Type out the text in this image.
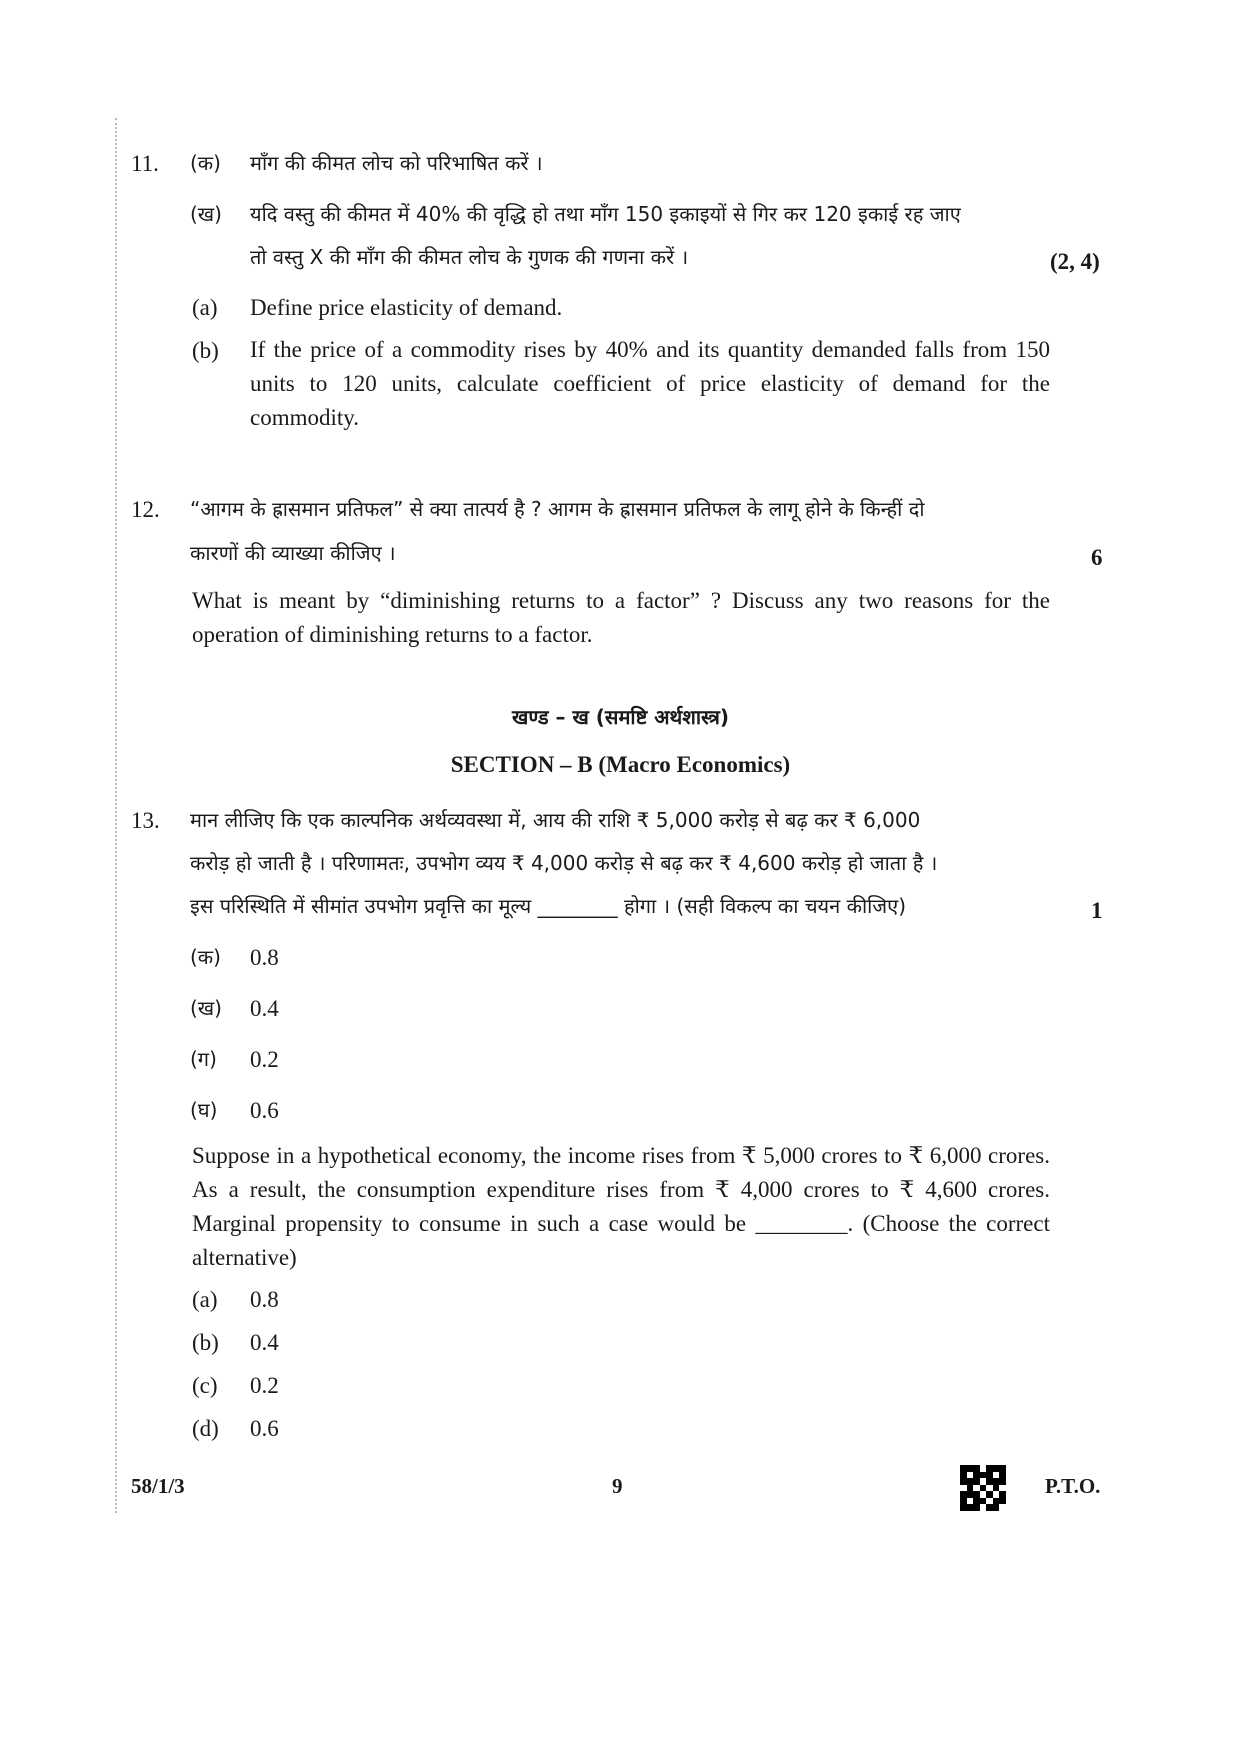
11. (क) माँग की कीमत लोच को परिभाषित करें ।
(ख) यदि वस्तु की कीमत में 40% की वृद्धि हो तथा माँग 150 इकाइयों से गिर कर 120 इकाई रह जाए
तो वस्तु X की माँग की कीमत लोच के गुणक की गणना करें ।	(2, 4)
(a) Define price elasticity of demand.
(b) If the price of a commodity rises by 40% and its quantity demanded falls from 150 units to 120 units, calculate coefficient of price elasticity of demand for the commodity.
12. “आगम के ह्रासमान प्रतिफल” से क्या तात्पर्य है ? आगम के ह्रासमान प्रतिफल के लागू होने के किन्हीं दो
कारणों की व्याख्या कीजिए ।	6
What is meant by “diminishing returns to a factor” ? Discuss any two reasons for the operation of diminishing returns to a factor.
खण्ड – ख (समष्टि अर्थशास्त्र)
SECTION – B (Macro Economics)
13. मान लीजिए कि एक काल्पनिक अर्थव्यवस्था में, आय की राशि ₹ 5,000 करोड़ से बढ़ कर ₹ 6,000
करोड़ हो जाती है । परिणामतः, उपभोग व्यय ₹ 4,000 करोड़ से बढ़ कर ₹ 4,600 करोड़ हो जाता है ।
इस परिस्थिति में सीमांत उपभोग प्रवृत्ति का मूल्य ________ होगा । (सही विकल्प का चयन कीजिए)	1
(क) 0.8
(ख) 0.4
(ग) 0.2
(घ) 0.6
Suppose in a hypothetical economy, the income rises from ₹ 5,000 crores to ₹ 6,000 crores. As a result, the consumption expenditure rises from ₹ 4,000 crores to ₹ 4,600 crores. Marginal propensity to consume in such a case would be ________. (Choose the correct alternative)
(a) 0.8
(b) 0.4
(c) 0.2
(d) 0.6
58/1/3	9	P.T.O.
